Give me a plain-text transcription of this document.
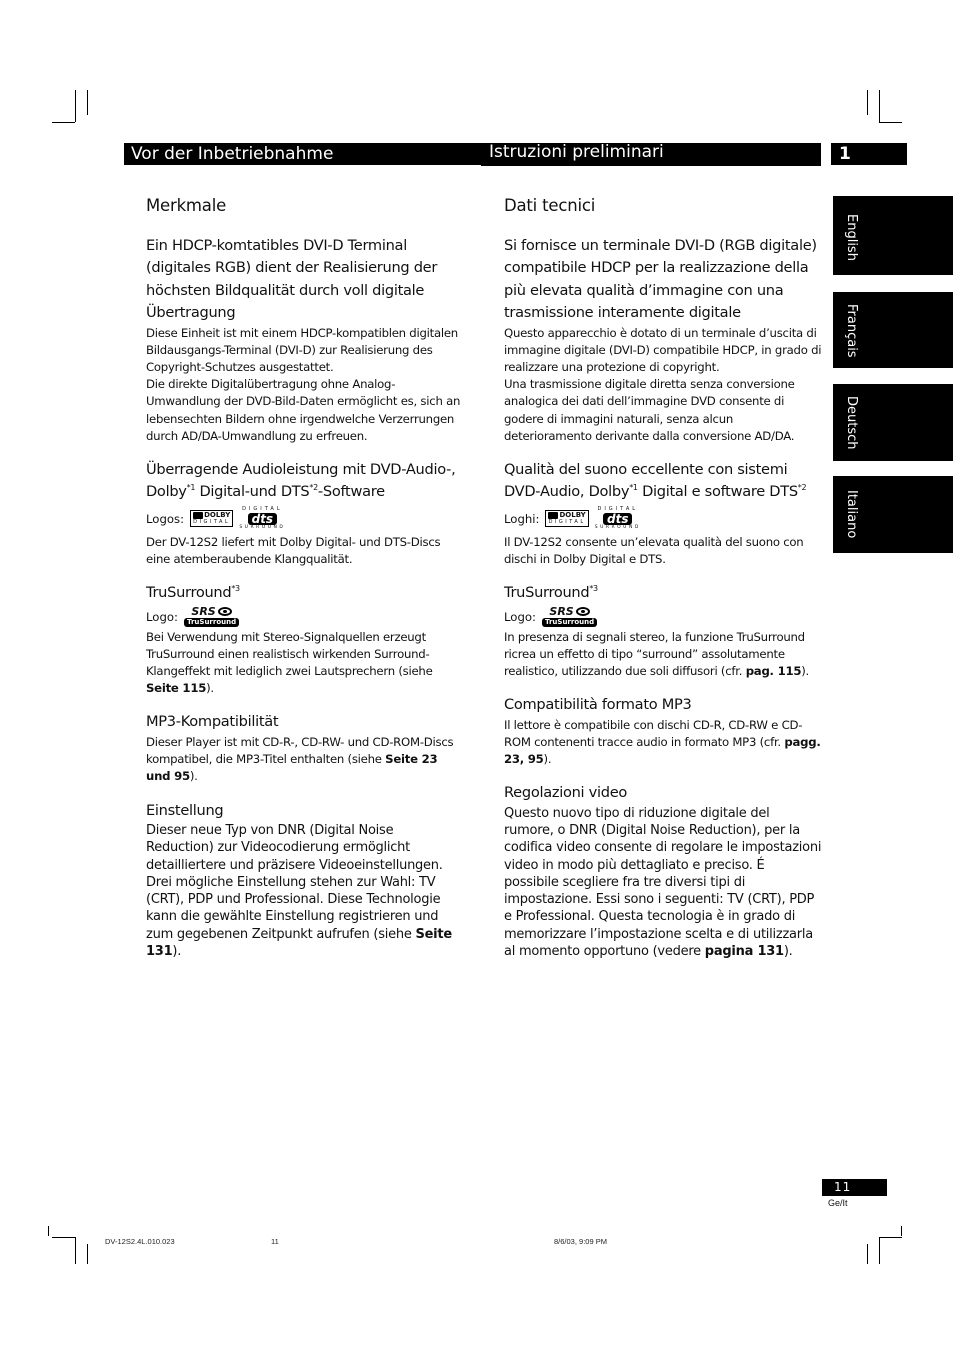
Vor der Inbetriebnahme	Istruzioni preliminari	1
English
Français
Deutsch
Italiano
Merkmale
Ein HDCP-komtatibles DVI-D Terminal (digitales RGB) dient der Realisierung der höchsten Bildqualität durch voll digitale Übertragung

Diese Einheit ist mit einem HDCP-kompatiblen digitalen Bildausgangs-Terminal (DVI-D) zur Realisierung des Copyright-Schutzes ausgestattet.

Die direkte Digitalübertragung ohne Analog-Umwandlung der DVD-Bild-Daten ermöglicht es, sich an lebensechten Bildern ohne irgendwelche Verzerrungen durch AD/DA-Umwandlung zu erfreuen.

Überragende Audioleistung mit DVD-Audio-, Dolby$^{*1}$ Digital-und DTS$^{*2}$-Software
Logos:	DOLBY
DIGITAL
DIGITAL
dts
SURROUND

Der DV-12S2 liefert mit Dolby Digital- und DTS-Discs eine atemberaubende Klangqualität.

TruSurround$^{*3}$
Logo: SRS
TruSurround

Bei Verwendung mit Stereo-Signalquellen erzeugt TruSurround einen realistisch wirkenden Surround-Klangeffekt mit lediglich zwei Lautsprechern (siehe Seite 115).

MP3-Kompatibilität

Dieser Player ist mit CD-R-, CD-RW- und CD-ROM-Discs kompatibel, die MP3-Titel enthalten (siehe Seite 23 und 95).

Einstellung

Dieser neue Typ von DNR (Digital Noise Reduction) zur Videocodierung ermöglicht detailliertere und präzisere Videoeinstellungen. Drei mögliche Einstellung stehen zur Wahl: TV (CRT), PDP und Professional. Diese Technologie kann die gewählte Einstellung registrieren und zum gegebenen Zeitpunkt aufrufen (siehe Seite 131).

Dati tecnici
Si fornisce un terminale DVI-D (RGB digitale) compatibile HDCP per la realizzazione della più elevata qualità d’immagine con una trasmissione interamente digitale

Questo apparecchio è dotato di un terminale d’uscita di immagine digitale (DVI-D) compatibile HDCP, in grado di realizzare una protezione di copyright.

Una trasmissione digitale diretta senza conversione analogica dei dati dell’immagine DVD consente di godere di immagini naturali, senza alcun deterioramento derivante dalla conversione AD/DA.

Qualità del suono eccellente con sistemi DVD-Audio, Dolby$^{*1}$ Digital e software DTS$^{*2}$
Loghi:	DOLBY
DIGITAL
DIGITAL
dts
SURROUND

Il DV-12S2 consente un’elevata qualità del suono con dischi in Dolby Digital e DTS.

TruSurround$^{*3}$
Logo: SRS
TruSurround

In presenza di segnali stereo, la funzione TruSurround ricrea un effetto di tipo “surround” assolutamente realistico, utilizzando due soli diffusori (cfr. pag. 115).

Compatibilità formato MP3

Il lettore è compatibile con dischi CD-R, CD-RW e CD-ROM contenenti tracce audio in formato MP3 (cfr. pagg. 23, 95).

Regolazioni video

Questo nuovo tipo di riduzione digitale del rumore, o DNR (Digital Noise Reduction), per la codifica video consente di regolare le impostazioni video in modo più dettagliato e preciso. É possibile scegliere fra tre diversi tipi di impostazione. Essi sono i seguenti: TV (CRT), PDP e Professional. Questa tecnologia è in grado di memorizzare l’impostazione scelta e di utilizzarla al momento opportuno (vedere pagina 131).

11
Ge/It
DV-12S2.4L.010.023	11	8/6/03, 9:09 PM
